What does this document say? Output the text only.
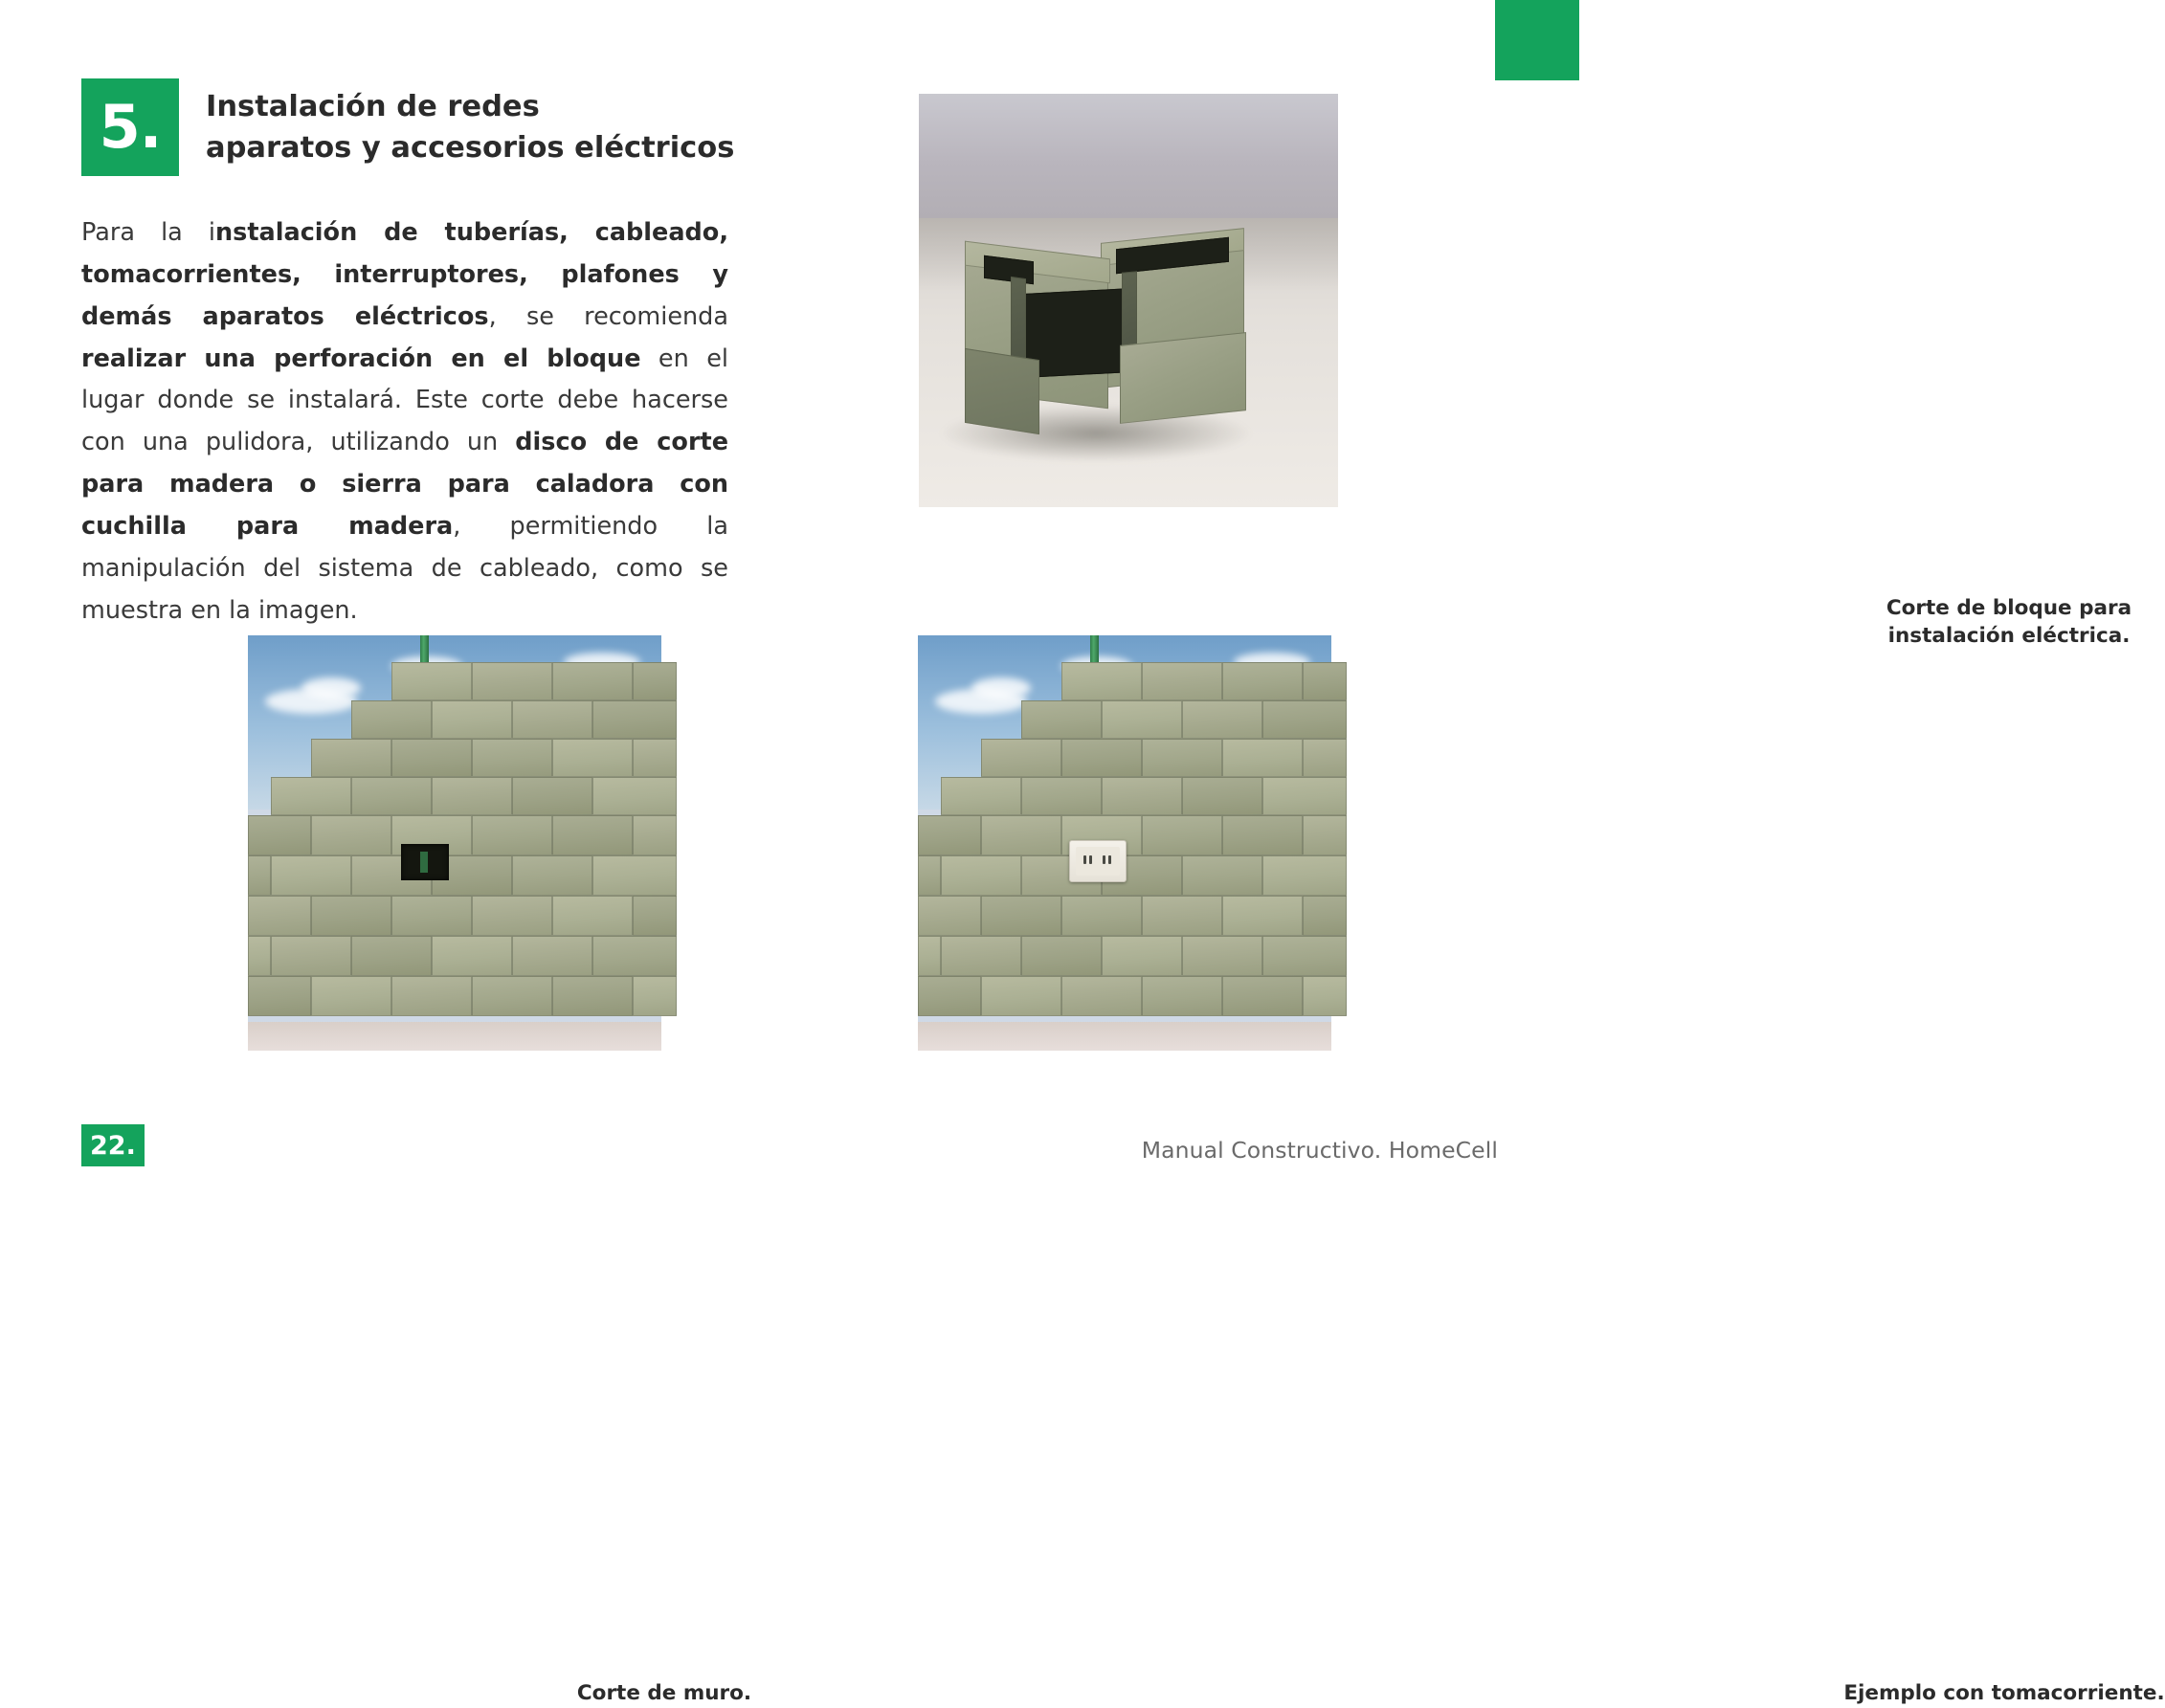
5.	Instalación de redes
aparatos y accesorios eléctricos

Para la instalación de tuberías, cableado, tomacorrientes, interruptores, plafones y demás aparatos eléctricos, se recomienda realizar una perforación en el bloque en el lugar donde se instalará. Este corte debe hacerse con una pulidora, utilizando un disco de corte para madera o sierra para caladora con cuchilla para madera, permitiendo la manipulación del sistema de cableado, como se muestra en la imagen.	Corte de bloque para
instalación eléctrica.
Corte de muro.	Ejemplo con tomacorriente.
22.	Manual Constructivo. HomeCell
